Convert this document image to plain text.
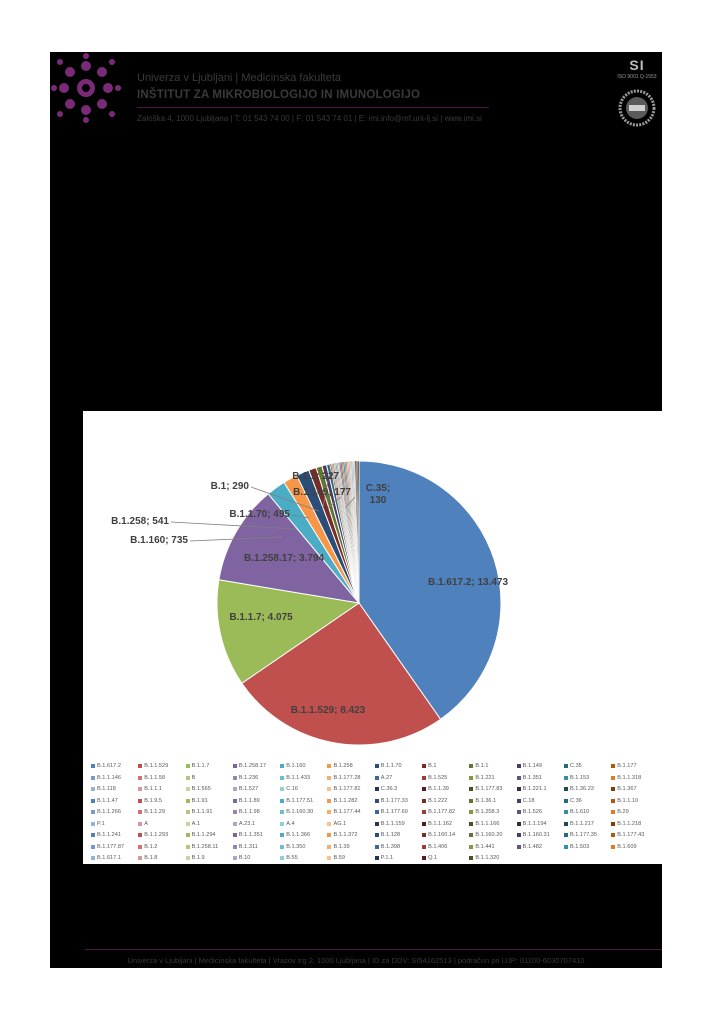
Univerza v Ljubljani | Medicinska fakulteta
INŠTITUT ZA MIKROBIOLOGIJO IN IMUNOLOGIJO
Zaloška 4, 1000 Ljubljana | T: 01 543 74 00 | F: 01 543 74 01 | E: imi.info@mf.uni-lj.si | www.imi.si
SI
ISO 9001 Q-1553
B.1.617.2; 13.473
B.1.1.529; 8.423
B.1.1.7; 4.075
B.1.258.17; 3.794
B.1.160; 735
B.1.258; 541
B.1.1.70; 495
B.1; 290
B.1.1; 227
B.1.149; 177 C.35; 130
B.1.617.2	B.1.1.529	B.1.1.7	B.1.258.17	B.1.160	B.1.258	B.1.1.70	B.1	B.1.1	B.1.149	C.35	B.1.177
B.1.1.146	B.1.1.58	B	B.1.236	B.1.1.433	B.1.177.28	A.27	B.1.525	B.1.221	B.1.351	B.1.153	B.1.1.318
B.1.118	B.1.1.1	B.1.565	B.1.527	C.16	B.1.177.81	C.36.3	B.1.1.39	B.1.177.83	B.1.221.1	B.1.36.23	B.1.367
B.1.1.47	B.1.9.5	B.1.91	B.1.1.89	B.1.177.51	B.1.1.282	B.1.177.33	B.1.222	B.1.36.1	C.18	C.36	B.1.1.10
B.1.1.266	B.1.1.29	B.1.1.91	B.1.1.98	B.1.160.30	B.1.177.44	B.1.177.60	B.1.177.82	B.1.258.3	B.1.526	B.1.610	B.29
P.1	A	A.1	A.23.1	A.4	AG.1	B.1.1.159	B.1.1.162	B.1.1.166	B.1.1.194	B.1.1.217	B.1.1.218
B.1.1.241	B.1.1.293	B.1.1.294	B.1.1.351	B.1.1.366	B.1.1.372	B.1.128	B.1.160.14	B.1.160.20	B.1.160.31	B.1.177.35	B.1.177.43
B.1.177.87	B.1.2	B.1.258.11	B.1.311	B.1.350	B.1.39	B.1.398	B.1.406	B.1.441	B.1.482	B.1.503	B.1.609
B.1.617.1	B.1.8	B.1.9	B.10	B.55	B.59	P.1.1	Q.1	B.1.1.320
Univerza v Ljubljani | Medicinska fakulteta | Vrazov trg 2, 1000 Ljubljana | ID za DDV: SI54162513 | podračun pri UJP: 01100-6030707410
